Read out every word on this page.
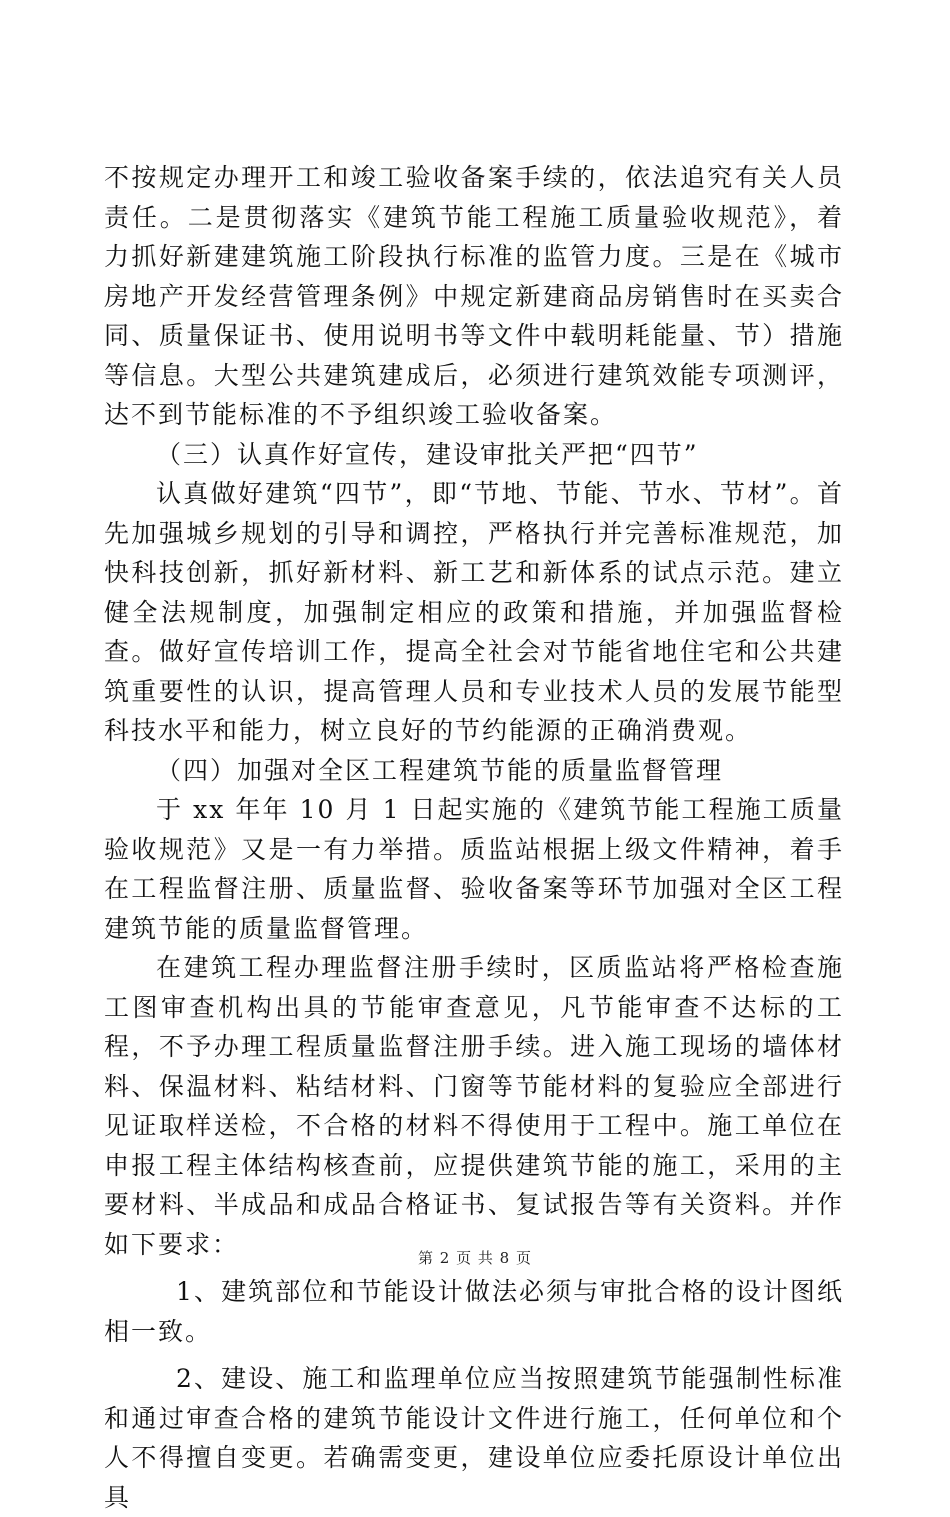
不按规定办理开工和竣工验收备案手续的，依法追究有关人员责任。二是贯彻落实《建筑节能工程施工质量验收规范》，着力抓好新建建筑施工阶段执行标准的监管力度。三是在《城市房地产开发经营管理条例》中规定新建商品房销售时在买卖合同、质量保证书、使用说明书等文件中载明耗能量、节）措施等信息。大型公共建筑建成后，必须进行建筑效能专项测评，达不到节能标准的不予组织竣工验收备案。

（三）认真作好宣传，建设审批关严把“四节”

认真做好建筑“四节”，即“节地、节能、节水、节材”。首先加强城乡规划的引导和调控，严格执行并完善标准规范，加快科技创新，抓好新材料、新工艺和新体系的试点示范。建立健全法规制度，加强制定相应的政策和措施，并加强监督检查。做好宣传培训工作，提高全社会对节能省地住宅和公共建筑重要性的认识，提高管理人员和专业技术人员的发展节能型科技水平和能力，树立良好的节约能源的正确消费观。

（四）加强对全区工程建筑节能的质量监督管理

于 xx 年年 10 月 1 日起实施的《建筑节能工程施工质量验收规范》又是一有力举措。质监站根据上级文件精神，着手在工程监督注册、质量监督、验收备案等环节加强对全区工程建筑节能的质量监督管理。

在建筑工程办理监督注册手续时，区质监站将严格检查施工图审查机构出具的节能审查意见，凡节能审查不达标的工程，不予办理工程质量监督注册手续。进入施工现场的墙体材料、保温材料、粘结材料、门窗等节能材料的复验应全部进行见证取样送检，不合格的材料不得使用于工程中。施工单位在申报工程主体结构核查前，应提供建筑节能的施工，采用的主要材料、半成品和成品合格证书、复试报告等有关资料。并作如下要求：

1、建筑部位和节能设计做法必须与审批合格的设计图纸相一致。

2、建设、施工和监理单位应当按照建筑节能强制性标准和通过审查合格的建筑节能设计文件进行施工，任何单位和个人不得擅自变更。若确需变更，建设单位应委托原设计单位出具

第 2 页 共 8 页
